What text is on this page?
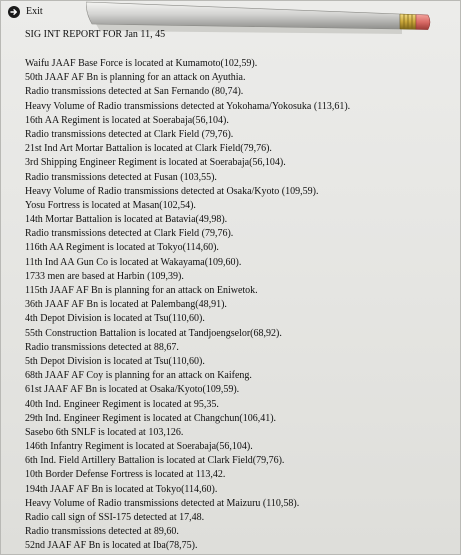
Exit
SIG INT REPORT FOR Jan 11, 45
Waifu JAAF Base Force is located at Kumamoto(102,59).
50th JAAF AF Bn is planning for an attack on Ayuthia.
Radio transmissions detected at San Fernando (80,74).
Heavy Volume of Radio transmissions detected at Yokohama/Yokosuka (113,61).
16th AA Regiment is located at Soerabaja(56,104).
Radio transmissions detected at Clark Field (79,76).
21st Ind Art Mortar Battalion is located at Clark Field(79,76).
3rd Shipping Engineer Regiment is located at Soerabaja(56,104).
Radio transmissions detected at Fusan (103,55).
Heavy Volume of Radio transmissions detected at Osaka/Kyoto (109,59).
Yosu Fortress is located at Masan(102,54).
14th Mortar Battalion is located at Batavia(49,98).
Radio transmissions detected at Clark Field (79,76).
116th AA Regiment is located at Tokyo(114,60).
11th Ind AA Gun Co is located at Wakayama(109,60).
1733 men are based at Harbin (109,39).
115th JAAF AF Bn is planning for an attack on Eniwetok.
36th JAAF AF Bn is located at Palembang(48,91).
4th Depot Division is located at Tsu(110,60).
55th Construction Battalion is located at Tandjoengselor(68,92).
Radio transmissions detected at 88,67.
5th Depot Division is located at Tsu(110,60).
68th JAAF AF Coy is planning for an attack on Kaifeng.
61st JAAF AF Bn is located at Osaka/Kyoto(109,59).
40th Ind. Engineer Regiment is located at 95,35.
29th Ind. Engineer Regiment is located at Changchun(106,41).
Sasebo 6th SNLF is located at 103,126.
146th Infantry Regiment is located at Soerabaja(56,104).
6th Ind. Field Artillery Battalion is located at Clark Field(79,76).
10th Border Defense Fortress is located at 113,42.
194th JAAF AF Bn is located at Tokyo(114,60).
Heavy Volume of Radio transmissions detected at Maizuru (110,58).
Radio call sign of SSI-175 detected at 17,48.
Radio transmissions detected at 89,60.
52nd JAAF AF Bn is located at Iba(78,75).
